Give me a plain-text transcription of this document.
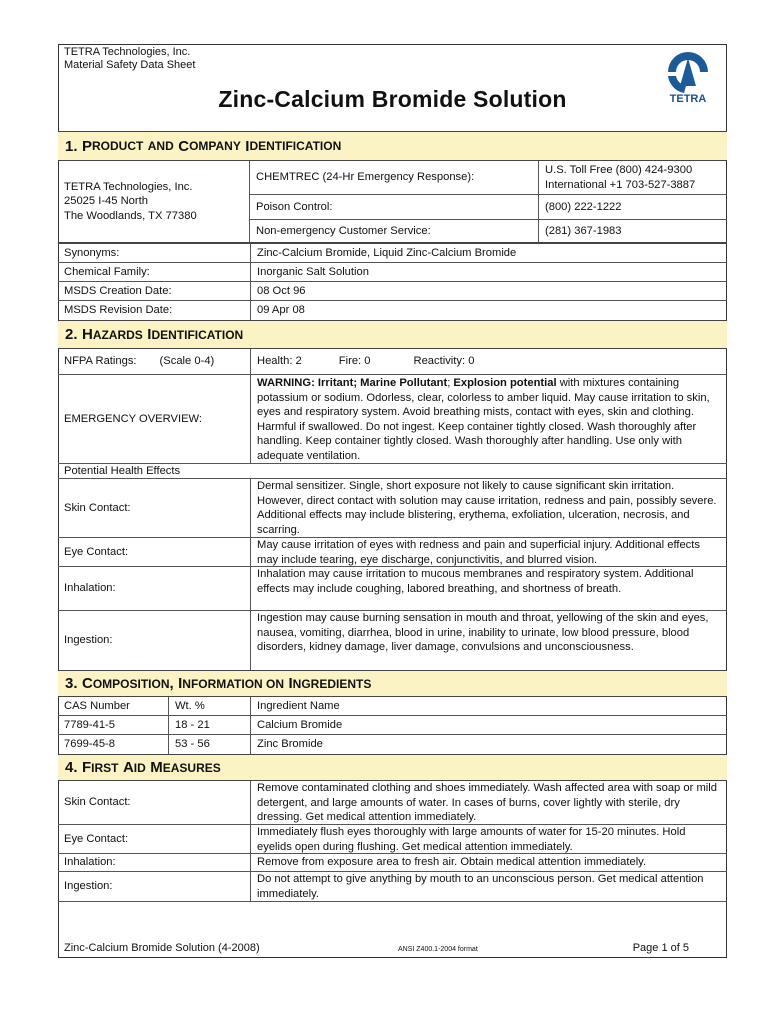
TETRA Technologies, Inc.
Material Safety Data Sheet
TETRA
Zinc-Calcium Bromide Solution
1.
P RODUCT
AND
C OMPANY
I DENTIFICATION
TETRA Technologies, Inc.
25025 I-45 North
The Woodlands, TX 77380
CHEMTREC (24-Hr Emergency Response):
U.S. Toll Free (800) 424-9300
International +1 703-527-3887
Poison Control:	(800) 222-1222
Non-emergency Customer Service:	(281) 367-1983
Synonyms:	Zinc-Calcium Bromide, Liquid Zinc-Calcium Bromide
Chemical Family:	Inorganic Salt Solution
MSDS Creation Date:	08 Oct 96
MSDS Revision Date:	09 Apr 08
2.
H AZARDS
I DENTIFICATION
NFPA Ratings: (Scale 0-4)	Health: 2	Fire: 0	Reactivity: 0
EMERGENCY OVERVIEW:
WARNING: Irritant; Marine Pollutant; Explosion potential with mixtures containing potassium or sodium. Odorless, clear, colorless to amber liquid. May cause irritation to skin, eyes and respiratory system. Avoid breathing mists, contact with eyes, skin and clothing. Harmful if swallowed. Do not ingest. Keep container tightly closed. Wash thoroughly after handling. Keep container tightly closed. Wash thoroughly after handling. Use only with adequate ventilation.
Potential Health Effects
Skin Contact:
Dermal sensitizer. Single, short exposure not likely to cause significant skin irritation. However, direct contact with solution may cause irritation, redness and pain, possibly severe. Additional effects may include blistering, erythema, exfoliation, ulceration, necrosis, and scarring.
Eye Contact:
May cause irritation of eyes with redness and pain and superficial injury. Additional effects may include tearing, eye discharge, conjunctivitis, and blurred vision.
Inhalation:
Inhalation may cause irritation to mucous membranes and respiratory system. Additional effects may include coughing, labored breathing, and shortness of breath.
Ingestion:
Ingestion may cause burning sensation in mouth and throat, yellowing of the skin and eyes, nausea, vomiting, diarrhea, blood in urine, inability to urinate, low blood pressure, blood disorders, kidney damage, liver damage, convulsions and unconsciousness.
3.
C OMPOSITION ,
I NFORMATION ON
I NGREDIENTS
CAS Number	Wt. %	Ingredient Name
7789-41-5	18 - 21	Calcium Bromide
7699-45-8	53 - 56	Zinc Bromide
4.
F IRST
A ID
M EASURES
Skin Contact:
Remove contaminated clothing and shoes immediately. Wash affected area with soap or mild detergent, and large amounts of water. In cases of burns, cover lightly with sterile, dry dressing. Get medical attention immediately.
Eye Contact:
Immediately flush eyes thoroughly with large amounts of water for 15-20 minutes. Hold eyelids open during flushing. Get medical attention immediately.
Inhalation:	Remove from exposure area to fresh air. Obtain medical attention immediately.
Ingestion:
Do not attempt to give anything by mouth to an unconscious person. Get medical attention immediately.
Zinc-Calcium Bromide Solution (4-2008)	ANSI Z400.1-2004 format	Page 1 of 5
